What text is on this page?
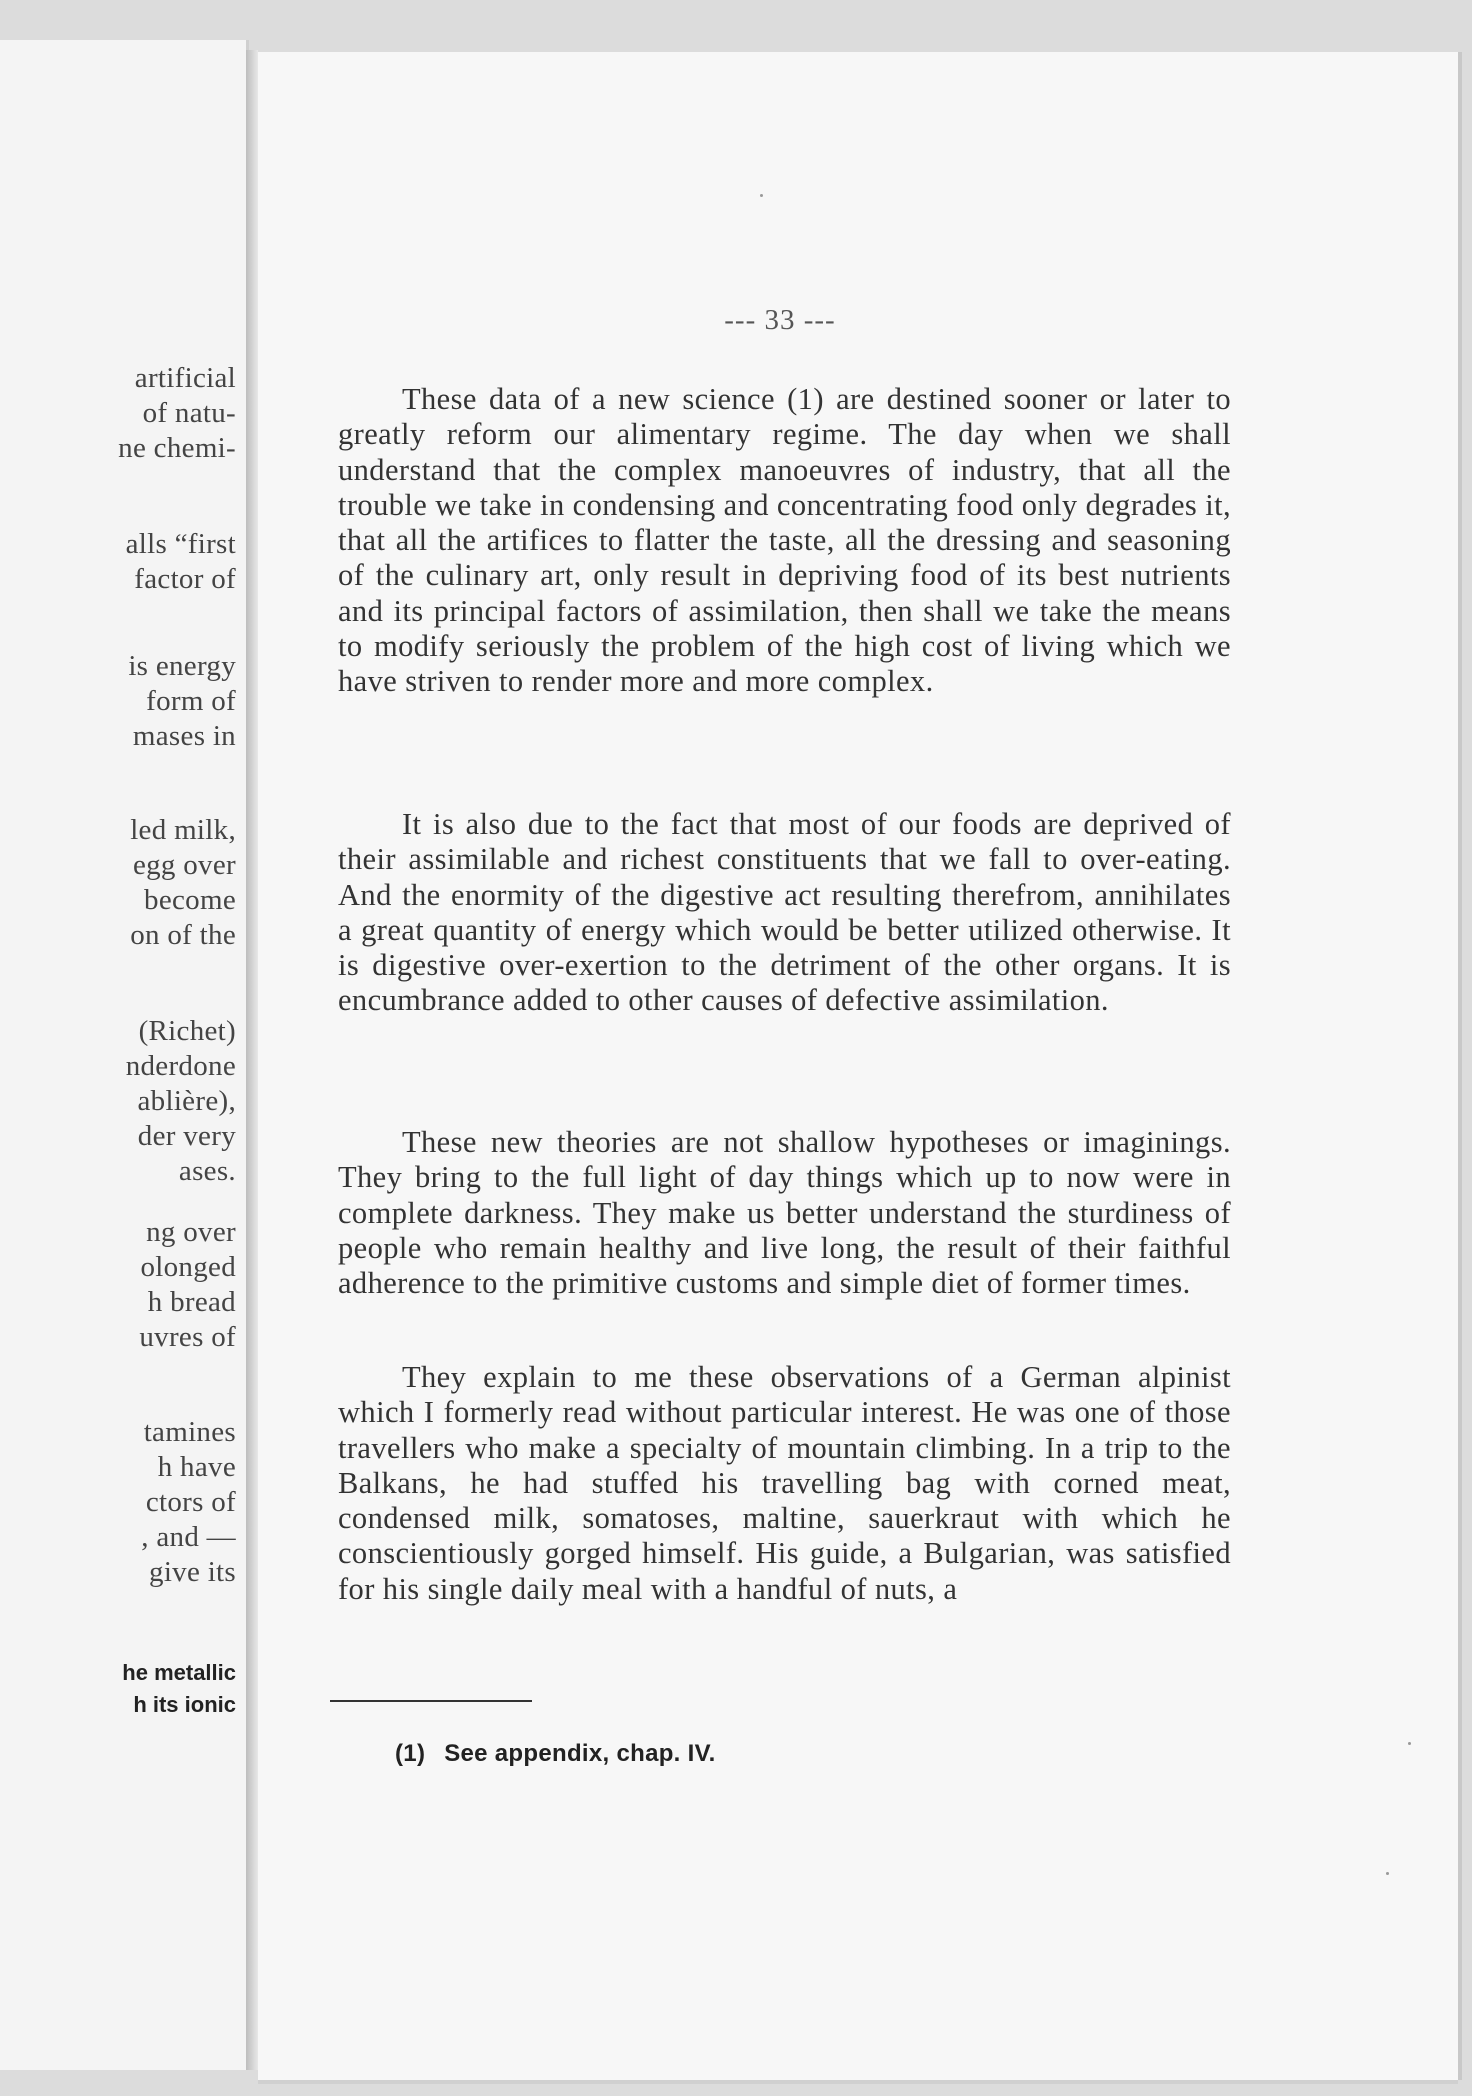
artificial
of natu-
ne chemi-
alls “first
factor of
is energy
form of
mases in
led milk,
egg over
become
on of the
(Richet)
nderdone
ablière),
der very
ases.
ng over
olonged
h bread
uvres of
tamines
h have
ctors of
, and —
give its
he metallic
h its ionic
--- 33 ---
These data of a new science (1) are destined sooner or later to greatly reform our alimentary regime. The day when we shall understand that the complex manoeuvres of industry, that all the trouble we take in condensing and concentrating food only degrades it, that all the artifices to flatter the taste, all the dressing and seasoning of the culinary art, only result in depriving food of its best nutrients and its principal factors of assimilation, then shall we take the means to modify seriously the problem of the high cost of living which we have striven to render more and more complex.
It is also due to the fact that most of our foods are deprived of their assimilable and richest constituents that we fall to over-eating. And the enormity of the digestive act resulting therefrom, annihilates a great quantity of energy which would be better utilized otherwise. It is digestive over-exertion to the detriment of the other organs. It is encumbrance added to other causes of defective assimilation.
These new theories are not shallow hypotheses or imaginings. They bring to the full light of day things which up to now were in complete darkness. They make us better understand the sturdiness of people who remain healthy and live long, the result of their faithful adherence to the primitive customs and simple diet of former times.
They explain to me these observations of a German alpinist which I formerly read without particular interest. He was one of those travellers who make a specialty of mountain climbing. In a trip to the Balkans, he had stuffed his travelling bag with corned meat, condensed milk, somatoses, maltine, sauerkraut with which he conscientiously gorged himself. His guide, a Bulgarian, was satisfied for his single daily meal with a handful of nuts, a
(1) See appendix, chap. IV.
